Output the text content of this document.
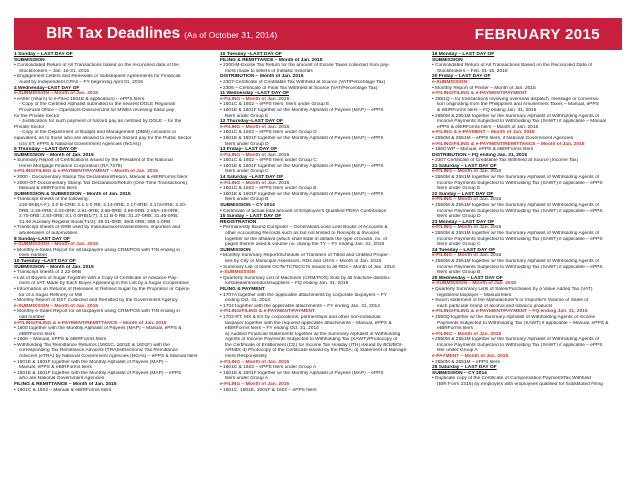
BIR Tax Deadlines (As of October 31, 2014)	FEBRUARY 2015
1 Sunday – LAST DAY OF
SUBMISSION
• Consolidated Return of All Transactions based on the reconciled data of the
Stockbrokers – Jan. 16-31, 2015
• Engagement Letters and Renewals or Subsequent Agreements for Financial
Audit by Independent CPAs – FY beginning April 01, 2015
4 Wednesday–LAST DAY OF
e-SUBMISSION – Month of Jan. 2015
• eAfter (return) to e-Filed 1601E & application) – ePPS filers
- Copy of the Certified Alphalist submitted to the nearest DOLE Regional/
Provincial Office – Operators Division/Unit for MWEs receiving basic pay
for the Private Sector
- Justification for such payment of hazard pay as certified by DOLE – for the
Private Sector
- Copy of the Department of Budget and Management (DBM) circular/s or
equivalent, as to those who are allowed to receive hazard pay for the Public Sector
(c/o ST, ePPS & National Government Agencies (NGAs))
5 Thursday – LAST DAY OF
SUBMISSION – Month of Jan. 2015
• Summary Report of Certifications issued by the President of the National
Home Mortgage Finance Corporation (RA 7279)
e-FILING/FILING & e-PAYMENT/PAYMENT – Month of Jan. 2015
• 2000 - Documentary Stamp Tax Declaration/Return, Manual & eBIRForms filers
• 2000-OT Documentary Stamp Tax Declaration/Return (One-Time Transactions),
Manual & eBIRForms filers
SUBMISSION & SUBMISSION – Month of Jan. 2015
• Transcript sheets of the following:
218-0KB(A-F); 2.0 B-CRB; 2.1 1-0 RB; 2.14-0RB; 2.17-0RB; 2.17a-0RB; 2.20-
0RB; 2.26-0RB; 2.43-0RB; 2.61-0RB; 2.68-0RB; 2.69-0RB; 2.69A-19-0RB;
2.70-0RB; 2.83-0RB; 3.1 0 0RB(1/7); 3.11 B-0 RB; 31.27-0RB; 31.46-0RB;
31.46 Auxiliary Register Book(T1/2); 38.01-0RB; 39/B 0RB; 398.1-0RB
• Transcript sheets of ORB used by manufacturers/assemblers, importers and
wholesalers of automobiles
8 Sunday–LAST DAY OF
e-SUBMISSION – Month of Jan. 2015
• Monthly e-Sales Report for all taxpayers using CRM/POS with TIN ending in
even number
10 Tuesday –LAST DAY OF
SUBMISSION – Month of Jan. 2015
• Transcript sheets of 2.22-0RB
• List of Buyers of Sugar Together with a Copy of Certificate of Advance Pay-
ment of VAT Made by Each Buyer Appearing in the List by a Sugar Cooperative
• Information on Returns of Releases of Refined Sugar by the Proprietor or Opera-
tor of a Sugar Refinery or Mill
• Monthly Report of DST Collected and Remitted by the Government Agency
e-SUBMISSION – Month of Jan. 2015
• Monthly e-Sales Report for all taxpayers using CRM/POS with TIN ending in
odd number
e-FILING/FILING & e-PAYMENT/REMITTANCE – Month of Jan. 2015
• 1600 together with the Monthly Alphalist of Payees (MAP) – Manual, ePPS &
eBIRForms filers
• 1606 – Manual, ePPS & eBIRForms filers
• Withholding Tax Remittance Return/s (1601C, 1601E & 1601F) with the
corresponding Tax Remittance Advice/s (TRA)/eElectronic Tax Remittance
Advice/s (eTRA) by National Government Agencies (NGAs) – ePPS & Manual filers
• 1601E & 1601F together with the Monthly Alphalist of Payees (MAP) –
Manual, ePPS & eBIRForms filers
• 1601E & 1601F together with the Monthly Alphalist of Payees (MAP) – ePPS
who are National Government Agencies
FILING & REMITTANCE – Month of Jan. 2015
• 1601C & 1602 – Manual & eBIRForms filers
10 Tuesday –LAST DAY OF
FILING & REMITTANCE – Month of Jan. 2015
• 2200-M-Excise Tax Return for the amount of Excise Taxes collected from pay-
ment made to sellers of metallic minerals
DISTRIBUTION – Month of Jan. 2015
• 2307-Certificate of Creditable Tax Withheld at Source (VAT/Percentage Tax)
• 2306 – Certificate of Final Tax Withheld at Source (VAT/Percentage Tax)
11 Wednesday –LAST DAY OF
e-FILING – Month of Jan. 2015
• 1601C & 1602 – ePPS filers, filers under Group E
• 1601E & 1601F together w/ the Monthly Alphalist of Payees (MAP) – ePPS
filers under Group E
12 Thursday–LAST DAY OF
e-FILING – Month of Jan. 2015
• 1601C & 1602 – ePPS filers under Group D
• 1601E & 1601F together w/ the Monthly Alphalist of Payees (MAP) – ePPS
filers under Group D
13 Friday– LAST DAY OF
e-FILING – Month of Jan. 2015
• 1601C & 1602 – ePPS filers under Group C
• 1601E & 1601F together w/ the Monthly Alphalist of Payees (MAP) – ePPS
filers under Group C
14 Saturday –LAST DAY OF
e-FILING – Month of Jan. 2015
• 1601C & 1602 – ePPS filers under Group B
• 1601E & 1601F together w/ the Monthly Alphalist of Payees (MAP) – ePPS
filers under Group B
SUBMISSION – CY 2014
• Certificate of actual total amount of Employee's Qualified PERA Contribution
15 Sunday – LAST DAY OF
REGISTRATION
• Permanently Bound Computer – Generated/Loose Leaf Books of Accounts &
other Accounting Records such as but not limited to Receipts & Invoices
together w/ the affidavit (which shall state in details the type of books, no. of
pages therein used & volume no. during the TY – FY ending Jan. 31, 2015
SUBMISSION
• Monthly Summary Report/Schedule of Transfers of Titled and Untitled Proper-
ties by City or Municipal Assessors, RDs and LRAs – Month of Jan. 2015
• Summary List of blank OCTs/TCTs/CCTs issued to all RDs – Month of Jan. 2015
e-SUBMISSION
• Quarterly Summary List of Machines (CRM/POS) Sold by all machine distribu-
tors/dealers/vendors/suppliers – FQ ending Jan. 31, 2015
FILING & PAYMENT
• 1707A together with the applicable attachments by corporate taxpayers – FY
ending Oct. 31, 2014
• 1704 together with the applicable attachments – FY ending Jan. 31, 2014
e-FILING/FILING & e-PAYMENT/PAYMENT
• 1702-RT, MX & EX by corporations, partnerships and other non-individual
taxpayer together with the required applicable attachments – Manual, ePPS &
eBIRForms filers – FY ending Oct. 31, 2014
a) Audited Financial Statements together w/ the Summary Alphalist of Withholding
Agents of Income Payments Subjected to Withholding Tax (SAWT)/Photocopy of
the Certificate of Entitlement (CE) for Income Tax Holiday (ITH) issued by BOI/BOI-
ARMM; d) Photocopy of the Certificate issued by the PEZA; d) Statement of Manage-
ment Responsibility
e-FILING – Month of Jan. 2015
• 1601C & 1602 – ePPS filers under Group A
• 1601E & 1601F together w/ the Monthly Alphalist of Payees (MAP) – ePPS
filers under Group A
e-FILING – Month of Jan. 2015
• 1601C, 1601E, 1601F & 1602 – ePPS filers
16 Monday – LAST DAY OF
SUBMISSION
• Consolidated Return of All Transactions Based on the Reconciled Data of
Stockbrokers – Feb. 01-15, 2015
20 Friday – LAST DAY OF
e-SUBMISSION
• Monthly Report of Printer – Month of Jan. 2015
e-FILING/FILING & e-PAYMENT/PAYMENT
• 2551Q – for transactions involving overseas dispatch, message or conversa-
tion originating from the Philippines and Amusement Taxes – Manual, ePPS
& eBIRForms filers – FQ ending Jan. 31, 2015
• 2550M & 2551M together w/ the Summary Alphalist of Withholding Agents of
Income Payments Subjected to Withholding Tax (SAWT) if applicable – Manual
ePPS & eBIRForms filers – Month of Jan. 2015
e-FILING & e-PAYMENT – Month of Jan. 2015
• 2550M & 2551M – ePPS filers, if National Government Agencies
e-FILING/FILING & e-PAYMENT/REMITTANCE – Month of Jan. 2015
• 1600 WP – Manual, ePPS & eBIRForms filers
DISTRIBUTION – FQ ending Jan. 31, 2015
• 2307 Certificate of Creditable Tax Withheld at Source (Income Tax)
21 Saturday – LAST DAY OF
e-FILING – Month of Jan. 2015
• 2550M & 2551M together w/ the Summary Alphalist of Withholding Agents of
Income Payments Subjected to Withholding Tax (SAWT) if applicable – ePPS
filers under Group E
22 Sunday – LAST DAY OF
e-FILING – Month of Jan. 2015
• 2550M & 2551M together w/ the Summary Alphalist of Withholding Agents of
Income Payments Subjected to Withholding Tax (SAWT) if applicable – ePPS
filers under Group D
23 Monday – LAST DAY OF
e-FILING – Month of Jan. 2015
• 2550M & 2551M together w/ the Summary Alphalist of Withholding Agents of
Income Payments Subjected to Withholding Tax (SAWT) if applicable – ePPS
filers under Group C
24 Tuesday – LAST DAY OF
e-FILING – Month of Jan. 2015
• 2550M & 2551M together w/ the Summary Alphalist of Withholding Agents of
Income Payments Subjected to Withholding Tax (SAWT) if applicable – ePPS
filers under Group B
25 Wednesday – LAST DAY OF
e-SUBMISSION – Month of Jan. 2015
• Quarterly Summary Lists of Sales/Purchases by a Value Added Tax (VAT)
registered taxpayer – Manual filers
• Sworn statement of the Manufacturer's or Importer's Volume of Sales of
each particular brand of alcohol and tobacco products
e-FILING/FILING & e-PAYMENT/PAYMENT – FQ ending Jan. 31, 2015
• 2550Q together w/ the Summary Alphalist of Withholding Agents of Income
Payments Subjected to Withholding Tax (SAWT) if applicable – Manual, ePPS &
eBIRForms filers
e-FILING – Month of Jan. 2015
• 2550M & 2551M together w/ the Summary Alphalist of Withholding Agents of
Income Payments Subjected to Withholding Tax (SAWT) if applicable – ePPS
filer under Group A
e-PAYMENT – Month of Jan. 2015
• 2550M & 2551M – ePPS filers
28 Saturday – LAST DAY OF
SUBMISSION – CY 2014
• Duplicate copy of the Certificate of Compensation Payment/Tax Withheld
(BIR Form 2316) by employers with employees qualified for Substituted Filing
